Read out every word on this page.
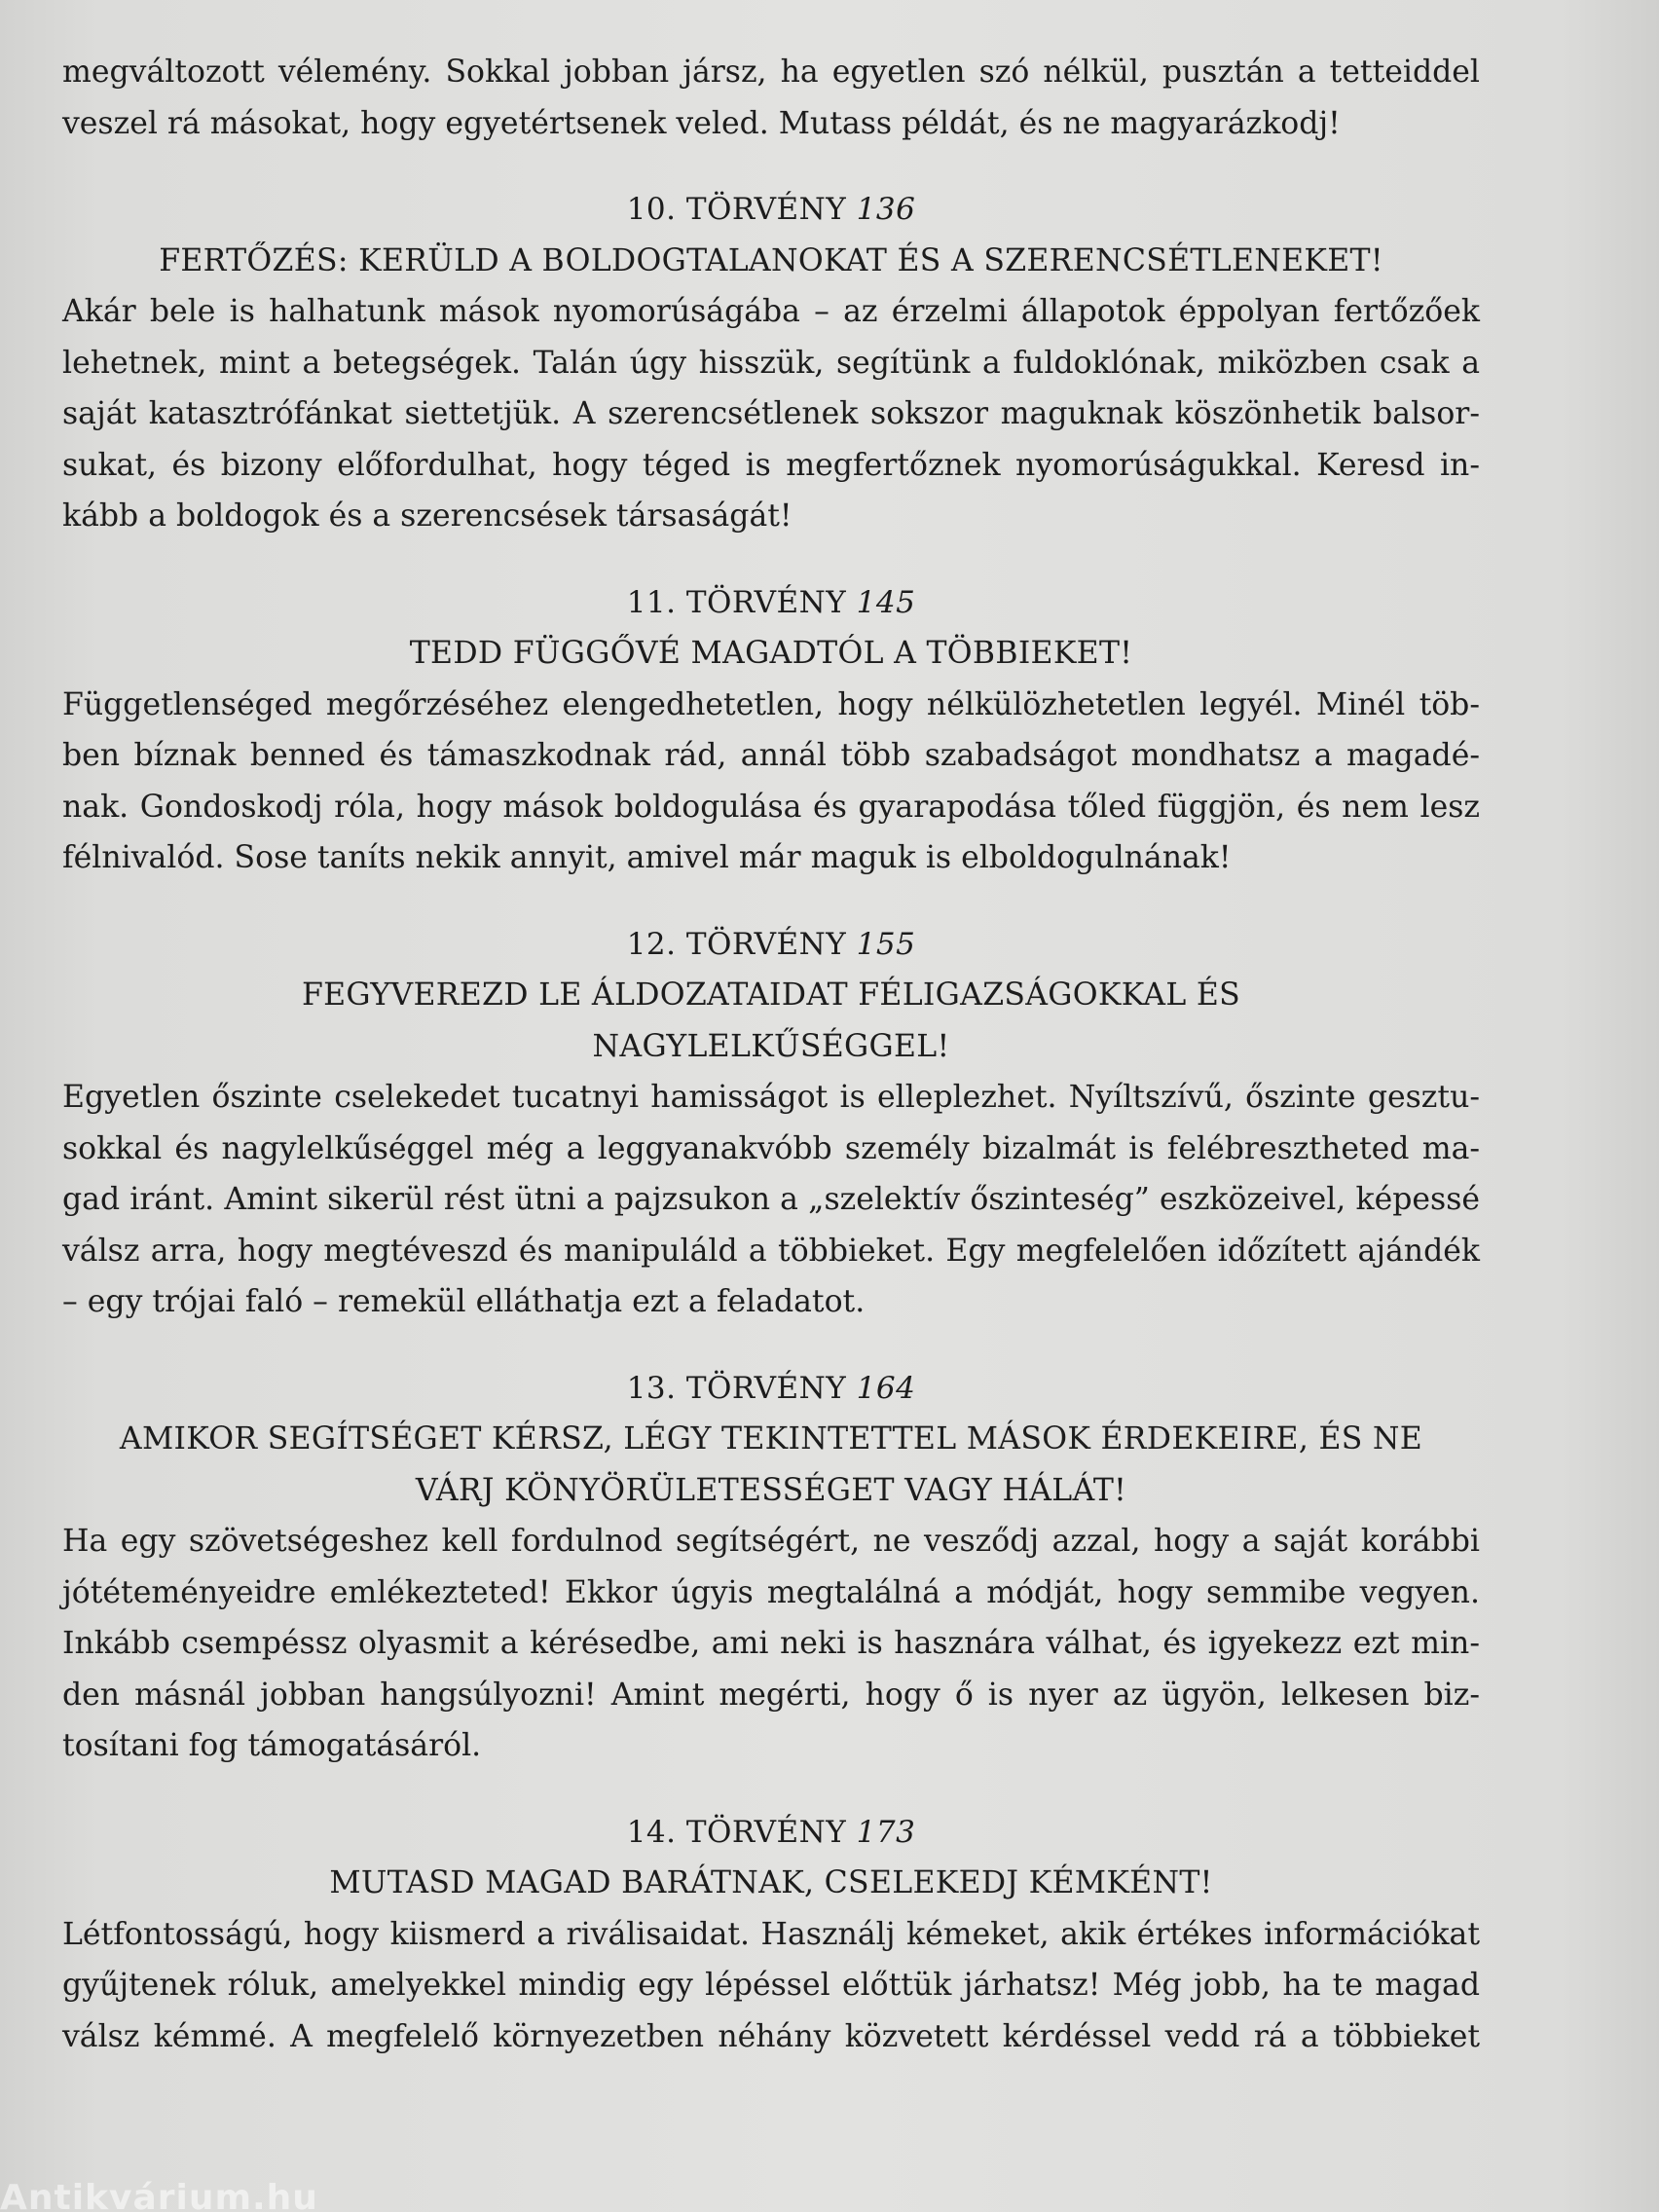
megváltozott vélemény. Sokkal jobban jársz, ha egyetlen szó nélkül, pusztán a tetteiddel
veszel rá másokat, hogy egyetértsenek veled. Mutass példát, és ne magyarázkodj!

10. TÖRVÉNY 136

FERTŐZÉS: KERÜLD A BOLDOGTALANOKAT ÉS A SZERENCSÉTLENEKET!

Akár bele is halhatunk mások nyomorúságába – az érzelmi állapotok éppolyan fertőzőek
lehetnek, mint a betegségek. Talán úgy hisszük, segítünk a fuldoklónak, miközben csak a
saját katasztrófánkat siettetjük. A szerencsétlenek sokszor maguknak köszönhetik balsor-
sukat, és bizony előfordulhat, hogy téged is megfertőznek nyomorúságukkal. Keresd in-
kább a boldogok és a szerencsések társaságát!

11. TÖRVÉNY 145

TEDD FÜGGŐVÉ MAGADTÓL A TÖBBIEKET!

Függetlenséged megőrzéséhez elengedhetetlen, hogy nélkülözhetetlen legyél. Minél töb-
ben bíznak benned és támaszkodnak rád, annál több szabadságot mondhatsz a magadé-
nak. Gondoskodj róla, hogy mások boldogulása és gyarapodása tőled függjön, és nem lesz
félnivalód. Sose taníts nekik annyit, amivel már maguk is elboldogulnának!

12. TÖRVÉNY 155

FEGYVEREZD LE ÁLDOZATAIDAT FÉLIGAZSÁGOKKAL ÉS
NAGYLELKŰSÉGGEL!

Egyetlen őszinte cselekedet tucatnyi hamisságot is elleplezhet. Nyíltszívű, őszinte gesztu-
sokkal és nagylelkűséggel még a leggyanakvóbb személy bizalmát is felébresztheted ma-
gad iránt. Amint sikerül rést ütni a pajzsukon a „szelektív őszinteség” eszközeivel, képessé
válsz arra, hogy megtéveszd és manipuláld a többieket. Egy megfelelően időzített ajándék
– egy trójai faló – remekül elláthatja ezt a feladatot.

13. TÖRVÉNY 164

AMIKOR SEGÍTSÉGET KÉRSZ, LÉGY TEKINTETTEL MÁSOK ÉRDEKEIRE, ÉS NE
VÁRJ KÖNYÖRÜLETESSÉGET VAGY HÁLÁT!

Ha egy szövetségeshez kell fordulnod segítségért, ne vesződj azzal, hogy a saját korábbi
jótéteményeidre emlékezteted! Ekkor úgyis megtalálná a módját, hogy semmibe vegyen.
Inkább csempéssz olyasmit a kérésedbe, ami neki is hasznára válhat, és igyekezz ezt min-
den másnál jobban hangsúlyozni! Amint megérti, hogy ő is nyer az ügyön, lelkesen biz-
tosítani fog támogatásáról.

14. TÖRVÉNY 173

MUTASD MAGAD BARÁTNAK, CSELEKEDJ KÉMKÉNT!

Létfontosságú, hogy kiismerd a riválisaidat. Használj kémeket, akik értékes információkat
gyűjtenek róluk, amelyekkel mindig egy lépéssel előttük járhatsz! Még jobb, ha te magad
válsz kémmé. A megfelelő környezetben néhány közvetett kérdéssel vedd rá a többieket
Antikvárium.hu
